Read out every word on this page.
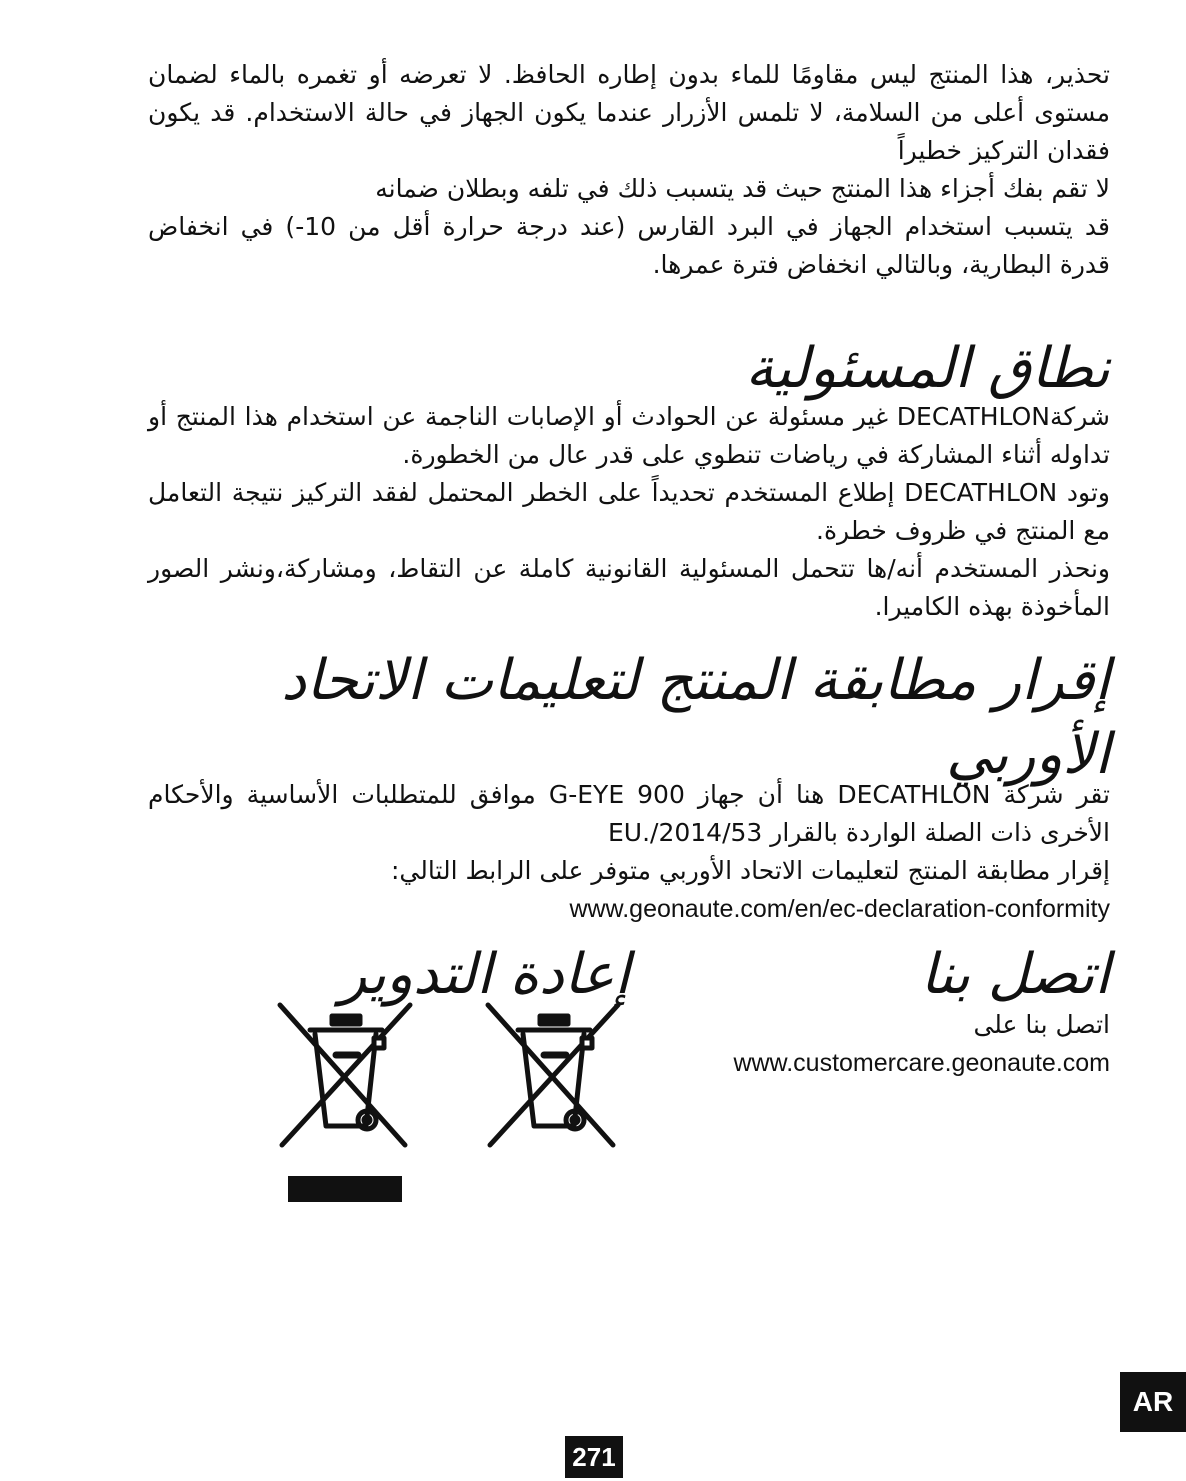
تحذير، هذا المنتج ليس مقاومًا للماء بدون إطاره الحافظ. لا تعرضه أو تغمره بالماء لضمان مستوى أعلى من السلامة، لا تلمس الأزرار عندما يكون الجهاز في حالة الاستخدام. قد يكون فقدان التركيز خطيراً

لا تقم بفك أجزاء هذا المنتج حيث قد يتسبب ذلك في تلفه وبطلان ضمانه

قد يتسبب استخدام الجهاز في البرد القارس (عند درجة حرارة أقل من 10-) في انخفاض قدرة البطارية، وبالتالي انخفاض فترة عمرها.

نطاق المسئولية

شركةDECATHLON غير مسئولة عن الحوادث أو الإصابات الناجمة عن استخدام هذا المنتج أو تداوله أثناء المشاركة في رياضات تنطوي على قدر عال من الخطورة.

وتود DECATHLON إطلاع المستخدم تحديداً على الخطر المحتمل لفقد التركيز نتيجة التعامل مع المنتج في ظروف خطرة.

ونحذر المستخدم أنه/ها تتحمل المسئولية القانونية كاملة عن التقاط، ومشاركة،ونشر الصور المأخوذة بهذه الكاميرا.

إقرار مطابقة المنتج لتعليمات الاتحاد الأوربي

تقر شركة DECATHLON هنا أن جهاز G-EYE 900 موافق للمتطلبات الأساسية والأحكام الأخرى ذات الصلة الواردة بالقرار EU./2014/53

إقرار مطابقة المنتج لتعليمات الاتحاد الأوربي متوفر على الرابط التالي:

www.geonaute.com/en/ec-declaration-conformity

اتصل بنا

اتصل بنا على

www.customercare.geonaute.com

إعادة التدوير
AR
271
